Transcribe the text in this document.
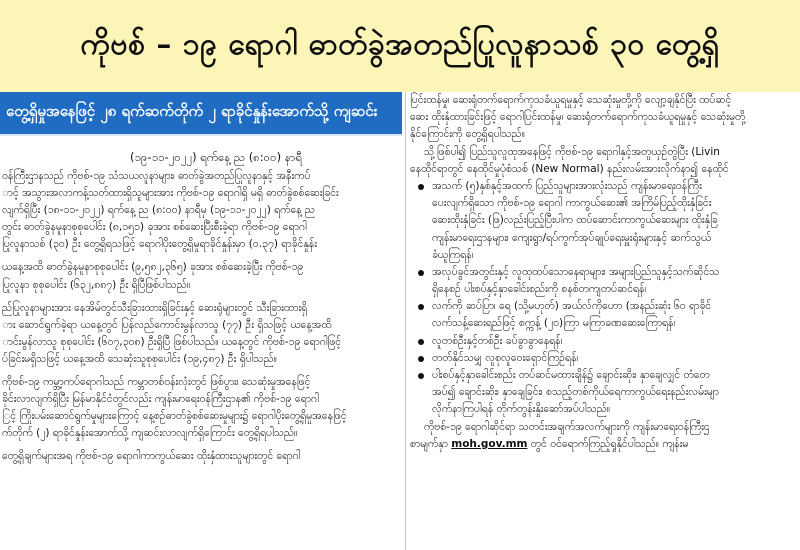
ကိုဗစ် – ၁၉ ရောဂါ ဓာတ်ခွဲအတည်ပြုလူနာသစ် ၃၀ တွေ့ရှိ
တွေ့ရှိမှုအနေဖြင့် ၂၈ ရက်ဆက်တိုက် ၂ ရာခိုင်နှုန်းအောက်သို့ ကျဆင်း
(၁၉-၁၁-၂၀၂၂) ရက်နေ့ ည (၈:၀၀) နာရီ
ဝန်ကြီးဌာနသည် ကိုဗစ်-၁၉ သံသယလူနာများ၊ ဓာတ်ခွဲအတည်ပြုလူနာနှင့် အနီးကပ်
ာင့် အသွားအလာကန့်သတ်ထားရှိသူများအား ကိုဗစ်-၁၉ ရောဂါရှိ မရှိ ဓာတ်ခွဲစစ်ဆေးခြင်း
လျက်ရှိပြီး (၁၈-၁၁-၂၀၂၂) ရက်နေ့ ည (၈:၀၀) နာရီမှ (၁၉-၁၁-၂၀၂၂) ရက်နေ့ ည
တွင်း ဓာတ်ခွဲနမူနာစုစုပေါင်း (၈,၁၅၁) ခုအား စစ်ဆေးပြီးစီးခဲ့ရာ ကိုဗစ်-၁၉ ရောဂါ
ပြုလူနာသစ် (၃၀) ဦး တွေ့ရှိရသဖြင့် ရောဂါပိုးတွေ့ရှိမှုရာခိုင်နှုန်းမှာ (၀.၃၇) ရာခိုင်နှုန်း
ယနေ့အထိ ဓာတ်ခွဲနမူနာစုစုပေါင်း (၉,၅၈၂,၃၆၅) ခုအား စစ်ဆေးခဲ့ပြီး ကိုဗစ်-၁၉
ပြုလူနာ စုစုပေါင်း (၆၃၂,၈၈၇) ဦး ရှိပြီဖြစ်ပါသည်။
ည်ပြုလူနာများအား နေအိမ်တွင်သီးခြားထားရှိခြင်းနှင့် ဆေးရုံများတွင် သီးခြားထားရှိ
ား ဆောင်ရွက်ခဲ့ရာ ယနေ့တွင် ပြန်လည်ကောင်းမွန်လာသူ (၇၇) ဦး ရှိသဖြင့် ယနေ့အထိ
ာင်းမွန်လာသူ စုစုပေါင်း (၆၀၇,၃၀၈) ဦးရှိပြီ ဖြစ်ပါသည်။ ယနေ့တွင် ကိုဗစ်-၁၉ ရောဂါဖြင့်
ပ်ခြင်းမရှိသဖြင့် ယနေ့အထိ သေဆုံးသူစုစုပေါင်း (၁၉,၄၈၇) ဦး ရှိပါသည်။
ကိုဗစ်-၁၉ ကမ္ဘာ့ကပ်ရောဂါသည် ကမ္ဘာတစ်ဝန်းလုံးတွင် ဖြစ်ပွား၊ သေဆုံးမှုအနေဖြင့်
ခိုင်းလာလျက်ရှိပြီး မြန်မာနိုင်ငံတွင်လည်း ကျန်းမာရေးဝန်ကြီးဌာန၏ ကိုဗစ်-၁၉ ရောဂါ
ြင့် ကြိုးပမ်းဆောင်ရွက်မှုများကြောင့် နေ့စဉ်ဓာတ်ခွဲစစ်ဆေးမှုများ၌ ရောဂါပိုးတွေ့ရှိမှုအနေဖြင့်
က်တိုက် (၂) ရာခိုင်နှုန်းအောက်သို့ ကျဆင်းလာလျက်ရှိကြောင်း တွေ့ရှိရပါသည်။
တွေ့ရှိချက်များအရ ကိုဗစ်-၁၉ ရောဂါကာကွယ်ဆေး ထိုးနှံထားသူများတွင် ရောဂါ
ပြင်းထန်မှု၊ ဆေးရုံတက်ရောက်ကုသခံယူရမှုနှင့် သေဆုံးမှုတို့ကို လျော့ချနိုင်ပြီး ထပ်ဆင့်
ဆေး ထိုးနှံထားခြင်းဖြင့် ရောဂါပြင်းထန်မှု၊ ဆေးရုံတက်ရောက်ကုသခံယူရမှုနှင့် သေဆုံးမှုတို့
နိုင်ကြောင်းကို တွေ့ရှိရပါသည်။
သို့ဖြစ်ပါ၍ ပြည်သူလူထုအနေဖြင့် ကိုဗစ်-၁၉ ရောဂါနှင့်အတူယှဉ်တွဲပြီး (Livin
နေထိုင်ရာတွင် နေထိုင်မှုပုံစံသစ် (New Normal) နည်းလမ်းအားလိုက်နာ၍ နေထိုင်
အသက် (၅)နှစ်နှင့်အထက် ပြည်သူများအားလုံးသည် ကျန်းမာရေးဝန်ကြီး
ပေးလျက်ရှိသော ကိုဗစ်-၁၉ ရောဂါ ကာကွယ်ဆေး၏ အကြိမ်ပြည့်ထိုးနှံခြင်း
ဆေးထိုးနှံခြင်း (ဖြ)လည်းပြည့်ပြီးပါက ထပ်ဆောင်းကာကွယ်ဆေးများ ထိုးနှံခြ
ကျန်းမာရေးဌာနများ၊ ကျေးရွာ/ရပ်ကွက်အုပ်ချုပ်ရေးမှူးရုံးများနှင့် ဆက်သွယ်
ခံယူကြရန်၊
အလုပ်ခွင်အတွင်းနှင့် လူထုထပ်သောနေရာများ၊ အများပြည်သူနှင့်သက်ဆိုင်သ
ရှိနေစဉ် ပါးစပ်နှင့်နှာခေါင်းစည်းကို စနစ်တကျတပ်ဆင်ရန်၊
လက်ကို ဆပ်ပြာ၊ ရေ (သို့မဟုတ်) အယ်လ်ကိုဟော (အနည်းဆုံး ၆၀ ရာခိုင်
လက်သန့်ဆေးရည်ဖြင့် စက္ကန့် (၂၀)ကြာ မကြာခဏဆေးကြောရန်၊
လူတစ်ဦးနှင့်တစ်ဦး ခပ်ခွာခွာနေရန်၊
တတ်နိုင်သမျှ လူစုလူဝေးရှောင်ကြဉ်ရန်၊
ပါးစပ်နှင့်နှာခေါင်းစည်း တပ်ဆင်မထားချိန်၌ ချောင်းဆိုး၊ နှာချေလျှင် တံတေ
အပ်၍ ချောင်းဆိုး၊ နှာချေခြင်း၊ စသည့်တစ်ကိုယ်ရေကာကွယ်ရေးနည်းလမ်းမျာ
လိုက်နာကြပါရန် တိုက်တွန်းနှိုးဆော်အပ်ပါသည်။
ကိုဗစ်-၁၉ ရောဂါဆိုင်ရာ သတင်းအချက်အလက်များကို ကျန်းမာရေးဝန်ကြီးဌ
စာမျက်နှာ moh.gov.mm တွင် ဝင်ရောက်ကြည့်ရှုနိုင်ပါသည်။ ကျန်းမ
